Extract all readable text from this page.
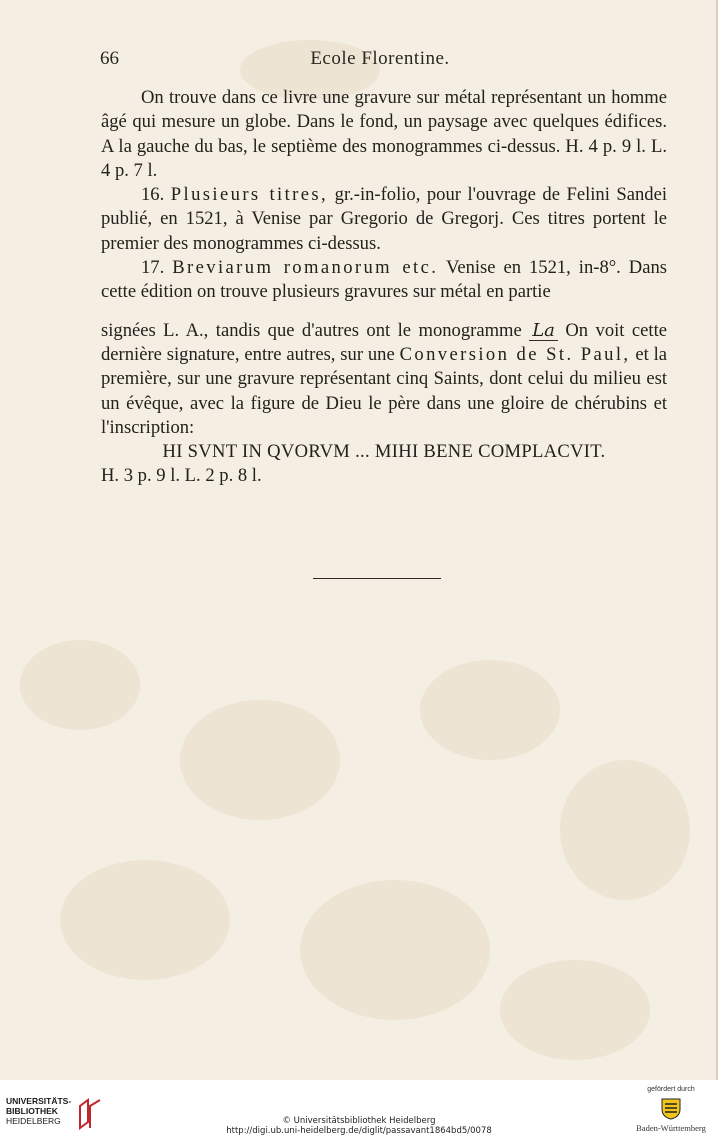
66	Ecole Florentine.

On trouve dans ce livre une gravure sur métal représentant un homme âgé qui mesure un globe. Dans le fond, un paysage avec quelques édifices. A la gauche du bas, le septième des monogrammes ci-dessus. H. 4 p. 9 l. L. 4 p. 7 l.

16. Plusieurs titres, gr.-in-folio, pour l'ouvrage de Felini Sandei publié, en 1521, à Venise par Gregorio de Gregorj. Ces titres portent le premier des monogrammes ci-dessus.

17. Breviarum romanorum etc. Venise en 1521, in-8°. Dans cette édition on trouve plusieurs gravures sur métal en partie

signées L. A., tandis que d'autres ont le monogramme La On voit cette dernière signature, entre autres, sur une Conversion de St. Paul, et la première, sur une gravure représentant cinq Saints, dont celui du milieu est un évêque, avec la figure de Dieu le père dans une gloire de chérubins et l'inscription:

HI SVNT IN QVORVM ... MIHI BENE COMPLACVIT.

H. 3 p. 9 l. L. 2 p. 8 l.

UNIVERSITÄTS-
BIBLIOTHEK
HEIDELBERG	© Universitätsbibliothek Heidelberg
http://digi.ub.uni-heidelberg.de/diglit/passavant1864bd5/0078
gefördert durch
Baden-Württemberg
